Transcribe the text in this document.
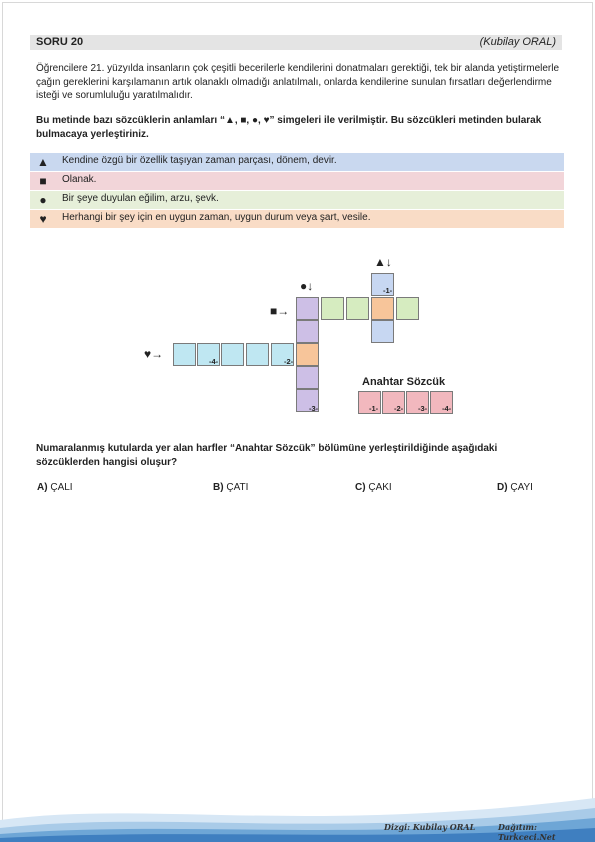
SORU 20	(Kubilay ORAL)
Öğrencilere 21. yüzyılda insanların çok çeşitli becerilerle kendilerini donatmaları gerektiği, tek bir alanda yetiştirmelerle çağın gereklerini karşılamanın artık olanaklı olmadığı anlatılmalı, onlarda kendilerine sunulan fırsatları değerlendirme isteği ve sorumluluğu yaratılmalıdır.
Bu metinde bazı sözcüklerin anlamları “▲, ■, ●, ♥” simgeleri ile verilmiştir. Bu sözcükleri metinden bularak bulmacaya yerleştiriniz.
▲ Kendine özgü bir özellik taşıyan zaman parçası, dönem, devir.
■	Olanak.
●	Bir şeye duyulan eğilim, arzu, şevk.
♥	Herhangi bir şey için en uygun zaman, uygun durum veya şart, vesile.
●↓
■→
♥→
▲↓
-1-
-2-
-3-
-4-
Anahtar Sözcük
-1- -2- -3- -4-
Numaralanmış kutularda yer alan harfler “Anahtar Sözcük” bölümüne yerleştirildiğinde aşağıdaki sözcüklerden hangisi oluşur?
A) ÇALI	B) ÇATI	C) ÇAKI	D) ÇAYI
Dizgi: Kubilay ORAL	Dağıtım: Turkceci.Net
